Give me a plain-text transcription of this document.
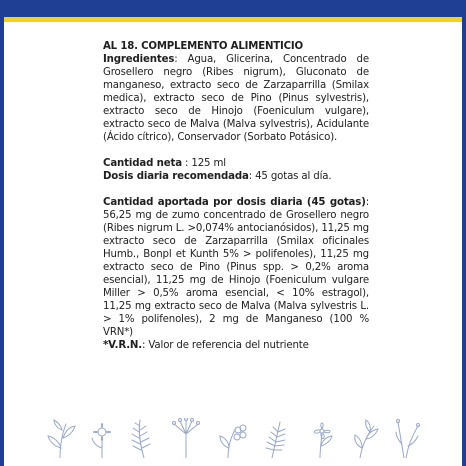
AL 18. COMPLEMENTO ALIMENTICIO

Ingredientes: Agua, Glicerina, Concentrado de Grosellero negro (Ribes nigrum), Gluconato de manganeso, extracto seco de Zarzaparrilla (Smilax medica), extracto seco de Pino (Pinus sylvestris), extracto seco de Hinojo (Foeniculum vulgare), extracto seco de Malva (Malva sylvestris), Acidulante (Ácido cítrico), Conservador (Sorbato Potásico).

Cantidad neta : 125 ml

Dosis diaria recomendada: 45 gotas al día.

Cantidad aportada por dosis diaria (45 gotas): 56,25 mg de zumo concentrado de Grosellero negro (Ribes nigrum L. >0,074% antocianósidos), 11,25 mg extracto seco de Zarzaparrilla (Smilax oficinales Humb., Bonpl et Kunth 5% > polifenoles), 11,25 mg extracto seco de Pino (Pinus spp. > 0,2% aroma esencial), 11,25 mg de Hinojo (Foeniculum vulgare Miller > 0,5% aroma esencial, < 10% estragol), 11,25 mg extracto seco de Malva (Malva sylvestris L. > 1% polifenoles), 2 mg de Manganeso (100 % VRN*)

*V.R.N.: Valor de referencia del nutriente
